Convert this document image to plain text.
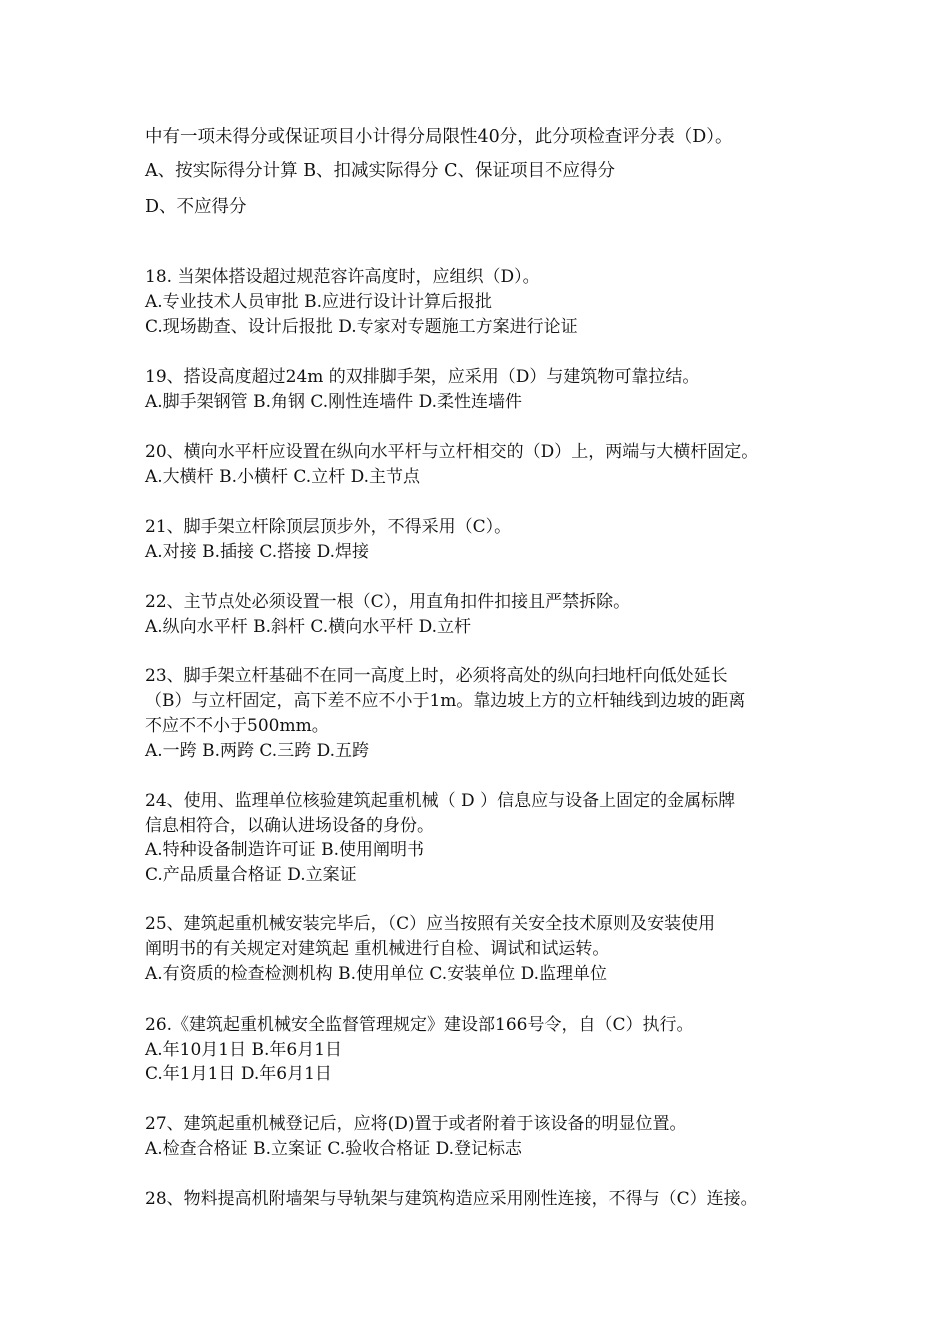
中有一项未得分或保证项目小计得分局限性40分，此分项检查评分表（D）。
A、按实际得分计算 B、扣减实际得分 C、保证项目不应得分
D、不应得分
18. 当架体搭设超过规范容许高度时，应组织（D）。
A.专业技术人员审批 B.应进行设计计算后报批
C.现场勘查、设计后报批 D.专家对专题施工方案进行论证
19、搭设高度超过24m 的双排脚手架，应采用（D）与建筑物可靠拉结。
A.脚手架钢管 B.角钢 C.刚性连墙件 D.柔性连墙件
20、横向水平杆应设置在纵向水平杆与立杆相交的（D）上，两端与大横杆固定。
A.大横杆 B.小横杆 C.立杆 D.主节点
21、脚手架立杆除顶层顶步外，不得采用（C）。
A.对接 B.插接 C.搭接 D.焊接
22、主节点处必须设置一根（C），用直角扣件扣接且严禁拆除。
A.纵向水平杆 B.斜杆 C.横向水平杆 D.立杆
23、脚手架立杆基础不在同一高度上时，必须将高处的纵向扫地杆向低处延长
（B）与立杆固定，高下差不应不小于1m。靠边坡上方的立杆轴线到边坡的距离
不应不不小于500mm。
A.一跨 B.两跨 C.三跨 D.五跨
24、使用、监理单位核验建筑起重机械（ D ）信息应与设备上固定的金属标牌
信息相符合，以确认进场设备的身份。
A.特种设备制造许可证 B.使用阐明书
C.产品质量合格证 D.立案证
25、建筑起重机械安装完毕后，（C）应当按照有关安全技术原则及安装使用
阐明书的有关规定对建筑起 重机械进行自检、调试和试运转。
A.有资质的检查检测机构 B.使用单位 C.安装单位 D.监理单位
26.《建筑起重机械安全监督管理规定》建设部166号令，自（C）执行。
A.年10月1日 B.年6月1日
C.年1月1日 D.年6月1日
27、建筑起重机械登记后，应将(D)置于或者附着于该设备的明显位置。
A.检查合格证 B.立案证 C.验收合格证 D.登记标志
28、物料提高机附墙架与导轨架与建筑构造应采用刚性连接，不得与（C）连接。
